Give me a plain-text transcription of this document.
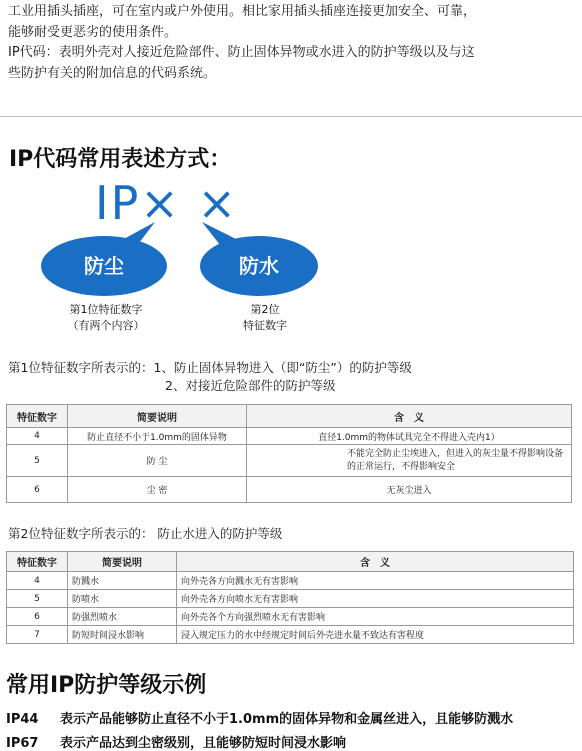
工业用插头插座，可在室内或户外使用。相比家用插头插座连接更加安全、可靠，

能够耐受更恶劣的使用条件。

IP代码：表明外壳对人接近危险部件、防止固体异物或水进入的防护等级以及与这

些防护有关的附加信息的代码系统。

IP代码常用表述方式：
IP× ×
防尘	防水
第1位特征数字
（有两个内容）
第2位
特征数字
第1位特征数字所表示的：1、防止固体异物进入（即“防尘”）的防护等级
2、对接近危险部件的防护等级
特征数字	简要说明	含　义
4	防止直径不小于1.0mm的固体异物	直径1.0mm的物体试具完全不得进入壳内1）
5	防 尘	不能完全防止尘埃进入，但进入的灰尘量不得影响设备的正常运行，不得影响安全
6	尘 密	无灰尘进入
第2位特征数字所表示的： 防止水进入的防护等级
特征数字	简要说明	含　义
4	防溅水	向外壳各方向溅水无有害影响
5	防喷水	向外壳各方向喷水无有害影响
6	防强烈喷水	向外壳各个方向强烈喷水无有害影响
7	防短时间浸水影响	浸入规定压力的水中经规定时间后外壳进水量不致达有害程度
常用IP防护等级示例
IP44 表示产品能够防止直径不小于1.0mm的固体异物和金属丝进入，且能够防溅水
IP67 表示产品达到尘密级别，且能够防短时间浸水影响
